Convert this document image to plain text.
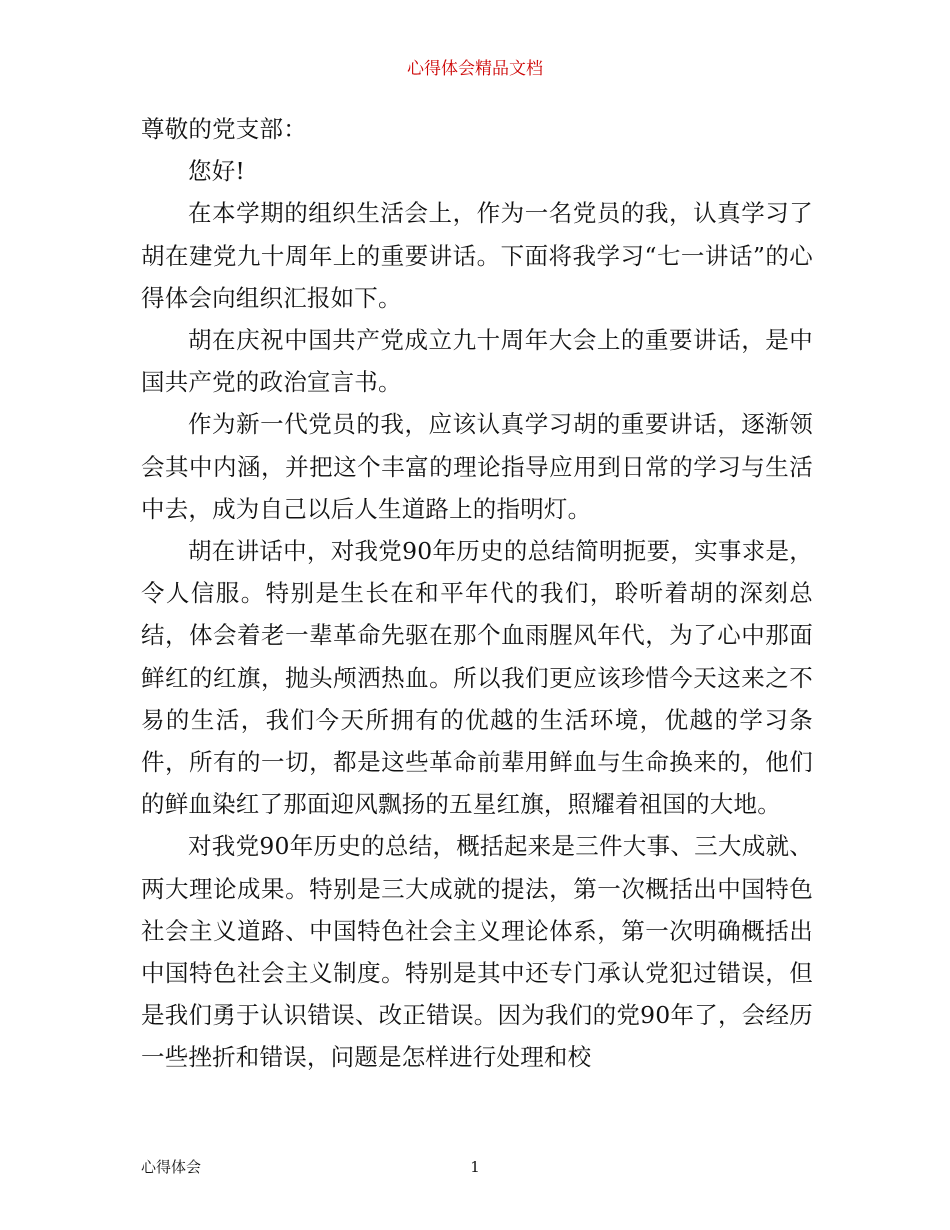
心得体会精品文档

尊敬的党支部：

您好!

在本学期的组织生活会上，作为一名党员的我，认真学习了胡在建党九十周年上的重要讲话。下面将我学习“七一讲话”的心得体会向组织汇报如下。

胡在庆祝中国共产党成立九十周年大会上的重要讲话，是中国共产党的政治宣言书。

作为新一代党员的我，应该认真学习胡的重要讲话，逐渐领会其中内涵，并把这个丰富的理论指导应用到日常的学习与生活中去，成为自己以后人生道路上的指明灯。

胡在讲话中，对我党90年历史的总结简明扼要，实事求是，令人信服。特别是生长在和平年代的我们，聆听着胡的深刻总结，体会着老一辈革命先驱在那个血雨腥风年代，为了心中那面鲜红的红旗，抛头颅洒热血。所以我们更应该珍惜今天这来之不易的生活，我们今天所拥有的优越的生活环境，优越的学习条件，所有的一切，都是这些革命前辈用鲜血与生命换来的，他们的鲜血染红了那面迎风飘扬的五星红旗，照耀着祖国的大地。

对我党90年历史的总结，概括起来是三件大事、三大成就、两大理论成果。特别是三大成就的提法，第一次概括出中国特色社会主义道路、中国特色社会主义理论体系，第一次明确概括出中国特色社会主义制度。特别是其中还专门承认党犯过错误，但是我们勇于认识错误、改正错误。因为我们的党90年了，会经历一些挫折和错误，问题是怎样进行处理和校

心得体会	1
